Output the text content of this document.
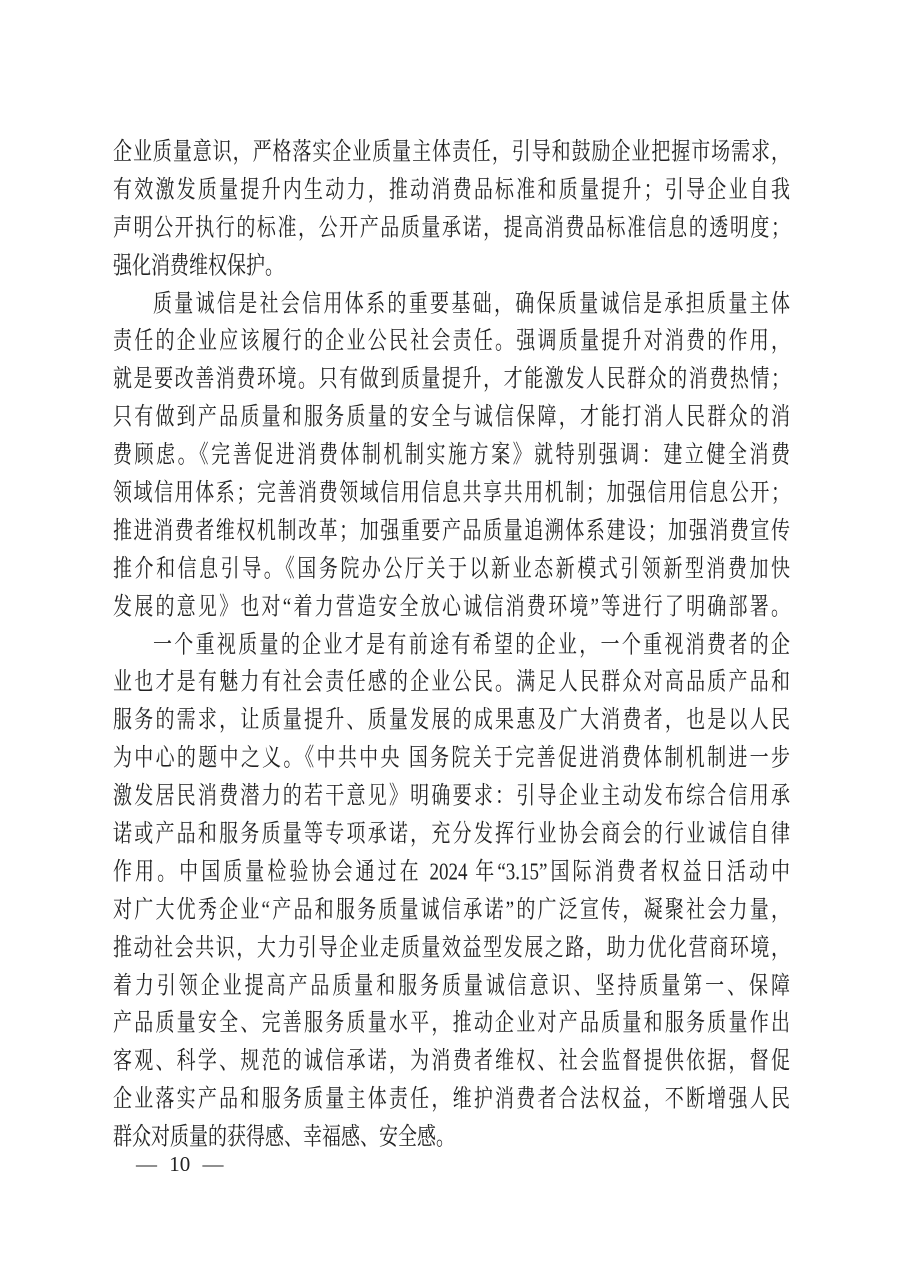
企业质量意识，严格落实企业质量主体责任，引导和鼓励企业把握市场需求，
有效激发质量提升内生动力，推动消费品标准和质量提升；引导企业自我
声明公开执行的标准，公开产品质量承诺，提高消费品标准信息的透明度；
强化消费维权保护。
质量诚信是社会信用体系的重要基础，确保质量诚信是承担质量主体
责任的企业应该履行的企业公民社会责任。强调质量提升对消费的作用，
就是要改善消费环境。只有做到质量提升，才能激发人民群众的消费热情；
只有做到产品质量和服务质量的安全与诚信保障，才能打消人民群众的消
费顾虑。《完善促进消费体制机制实施方案》就特别强调：建立健全消费
领域信用体系；完善消费领域信用信息共享共用机制；加强信用信息公开；
推进消费者维权机制改革；加强重要产品质量追溯体系建设；加强消费宣传
推介和信息引导。《国务院办公厅关于以新业态新模式引领新型消费加快
发展的意见》也对“着力营造安全放心诚信消费环境”等进行了明确部署。
一个重视质量的企业才是有前途有希望的企业，一个重视消费者的企
业也才是有魅力有社会责任感的企业公民。满足人民群众对高品质产品和
服务的需求，让质量提升、质量发展的成果惠及广大消费者，也是以人民
为中心的题中之义。《中共中央 国务院关于完善促进消费体制机制进一步
激发居民消费潜力的若干意见》明确要求：引导企业主动发布综合信用承
诺或产品和服务质量等专项承诺，充分发挥行业协会商会的行业诚信自律
作用。中国质量检验协会通过在 2024 年“3.15”国际消费者权益日活动中
对广大优秀企业“产品和服务质量诚信承诺”的广泛宣传，凝聚社会力量，
推动社会共识，大力引导企业走质量效益型发展之路，助力优化营商环境，
着力引领企业提高产品质量和服务质量诚信意识、坚持质量第一、保障
产品质量安全、完善服务质量水平，推动企业对产品质量和服务质量作出
客观、科学、规范的诚信承诺，为消费者维权、社会监督提供依据，督促
企业落实产品和服务质量主体责任，维护消费者合法权益，不断增强人民
群众对质量的获得感、幸福感、安全感。
— 10 —
